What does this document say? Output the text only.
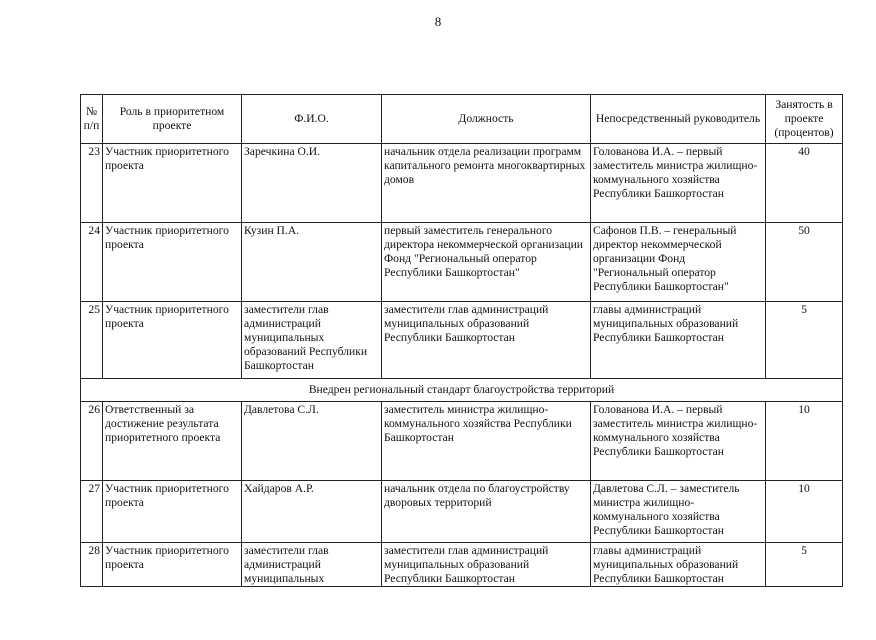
8
№ п/п	Роль в приоритетном проекте	Ф.И.О.	Должность	Непосредственный руководитель	Занятость в проекте (процентов)
23	Участник приоритетного проекта	Заречкина О.И.	начальник отдела реализации программ капитального ремонта многоквартирных домов	Голованова И.А. – первый заместитель министра жилищно-коммунального хозяйства Республики Башкортостан	40
24	Участник приоритетного проекта	Кузин П.А.	первый заместитель генерального директора некоммерческой организации Фонд "Региональный оператор Республики Башкортостан"	Сафонов П.В. – генеральный директор некоммерческой организации Фонд "Региональный оператор Республики Башкортостан"	50
25	Участник приоритетного проекта	заместители глав администраций муниципальных образований Республики Башкортостан	заместители глав администраций муниципальных образований Республики Башкортостан	главы администраций муниципальных образований Республики Башкортостан	5
Внедрен региональный стандарт благоустройства территорий					
26	Ответственный за достижение результата приоритетного проекта	Давлетова С.Л.	заместитель министра жилищно-коммунального хозяйства Республики Башкортостан	Голованова И.А. – первый заместитель министра жилищно-коммунального хозяйства Республики Башкортостан	10
27	Участник приоритетного проекта	Хайдаров А.Р.	начальник отдела по благоустройству дворовых территорий	Давлетова С.Л. – заместитель министра жилищно-коммунального хозяйства Республики Башкортостан	10
28	Участник приоритетного проекта	заместители глав администраций муниципальных	заместители глав администраций муниципальных образований Республики Башкортостан	главы администраций муниципальных образований Республики Башкортостан	5
